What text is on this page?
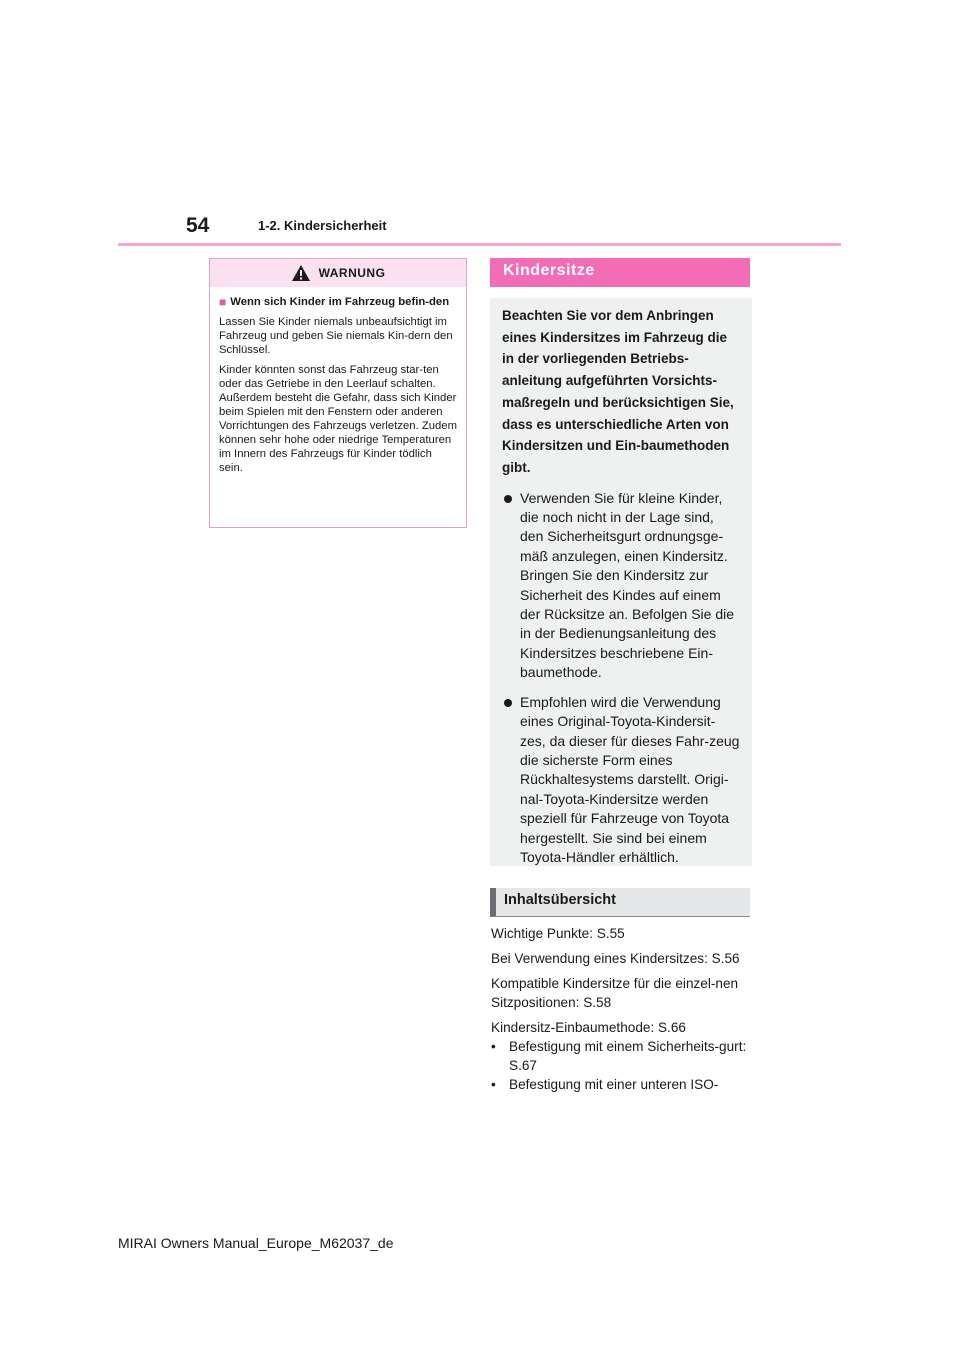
54	1-2. Kindersicherheit
WARNUNG

■ Wenn sich Kinder im Fahrzeug befin-den

Lassen Sie Kinder niemals unbeaufsichtigt im Fahrzeug und geben Sie niemals Kin-dern den Schlüssel.

Kinder könnten sonst das Fahrzeug star-ten oder das Getriebe in den Leerlauf schalten. Außerdem besteht die Gefahr, dass sich Kinder beim Spielen mit den Fenstern oder anderen Vorrichtungen des Fahrzeugs verletzen. Zudem können sehr hohe oder niedrige Temperaturen im Innern des Fahrzeugs für Kinder tödlich sein.

Kindersitze

Beachten Sie vor dem Anbringen eines Kindersitzes im Fahrzeug die in der vorliegenden Betriebs-anleitung aufgeführten Vorsichts-maßregeln und berücksichtigen Sie, dass es unterschiedliche Arten von Kindersitzen und Ein-baumethoden gibt.

Verwenden Sie für kleine Kinder, die noch nicht in der Lage sind, den Sicherheitsgurt ordnungsge-mäß anzulegen, einen Kindersitz. Bringen Sie den Kindersitz zur Sicherheit des Kindes auf einem der Rücksitze an. Befolgen Sie die in der Bedienungsanleitung des Kindersitzes beschriebene Ein-baumethode.
Empfohlen wird die Verwendung eines Original-Toyota-Kindersit-zes, da dieser für dieses Fahr-zeug die sicherste Form eines Rückhaltesystems darstellt. Origi-nal-Toyota-Kindersitze werden speziell für Fahrzeuge von Toyota hergestellt. Sie sind bei einem Toyota-Händler erhältlich.
Inhaltsübersicht

Wichtige Punkte: S.55

Bei Verwendung eines Kindersitzes: S.56

Kompatible Kindersitze für die einzel-nen Sitzpositionen: S.58

Kindersitz-Einbaumethode: S.66

• Befestigung mit einem Sicherheits-gurt: S.67
• Befestigung mit einer unteren ISO-
MIRAI Owners Manual_Europe_M62037_de
